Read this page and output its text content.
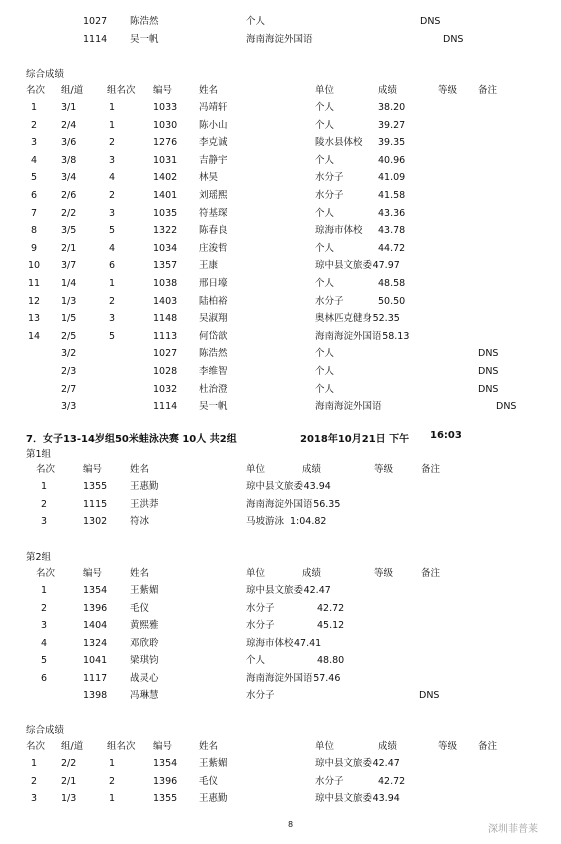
1027 陈浩然	个人	DNS
1114 吴一帆	海南海淀外国语	DNS
综合成绩
名次 组/道	组名次 编号	姓名	单位	成绩	等级 备注
1	3/1	1	1033 冯靖轩	个人	38.20
2	2/4	1	1030 陈小山	个人	39.27
3	3/6	2	1276 李克诚	陵水县体校 39.35
4	3/8	3	1031 吉静宇	个人	40.96
5	3/4	4	1402 林昊	水分子	41.09
6	2/6	2	1401 刘瑶熙	水分子	41.58
7	2/2	3	1035 符基琛	个人	43.36
8	3/5	5	1322 陈春良	琼海市体校 43.78
9	2/1	4	1034 庄浚哲	个人	44.72
10	3/7	6	1357 王康	琼中县文旅委 47.97
11	1/4	1	1038 邢日壕	个人	48.58
12	1/3	2	1403 陆柏裕	水分子	50.50
13	1/5	3	1148 吴淑翔	奥林匹克健身 52.35
14	2/5	5	1113 何岱歆	海南海淀外国语 58.13
3/2	1027 陈浩然	个人	DNS
2/3	1028 李维智	个人	DNS
2/7	1032 杜治澄	个人	DNS
3/3	1114 吴一帆	海南海淀外国语	DNS
7．女子13-14岁组50米蛙泳决赛 10人 共2组	2018年10月21日 下午 16:03
第1组
名次	编号	姓名	单位	成绩	等级	备注
1	1355 王惠勤	琼中县文旅委 43.94
2	1115 王洪莽	海南海淀外国语 56.35
3	1302 符冰	马坡游泳 1:04.82
第2组
名次	编号	姓名	单位	成绩	等级	备注
1	1354 王紫媚	琼中县文旅委 42.47
2	1396 毛仪	水分子	42.72
3	1404 黄熙雅	水分子	45.12
4	1324 邓欣聆	琼海市体校 47.41
5	1041 梁琪钧	个人	48.80
6	1117 战灵心	海南海淀外国语 57.46
1398 冯琳慧	水分子	DNS
综合成绩
名次 组/道	组名次 编号	姓名	单位	成绩	等级 备注
1	2/2	1	1354 王紫媚	琼中县文旅委 42.47
2	2/1	2	1396 毛仪	水分子	42.72
3	1/3	1	1355 王惠勤	琼中县文旅委 43.94
8	深圳菲普莱
